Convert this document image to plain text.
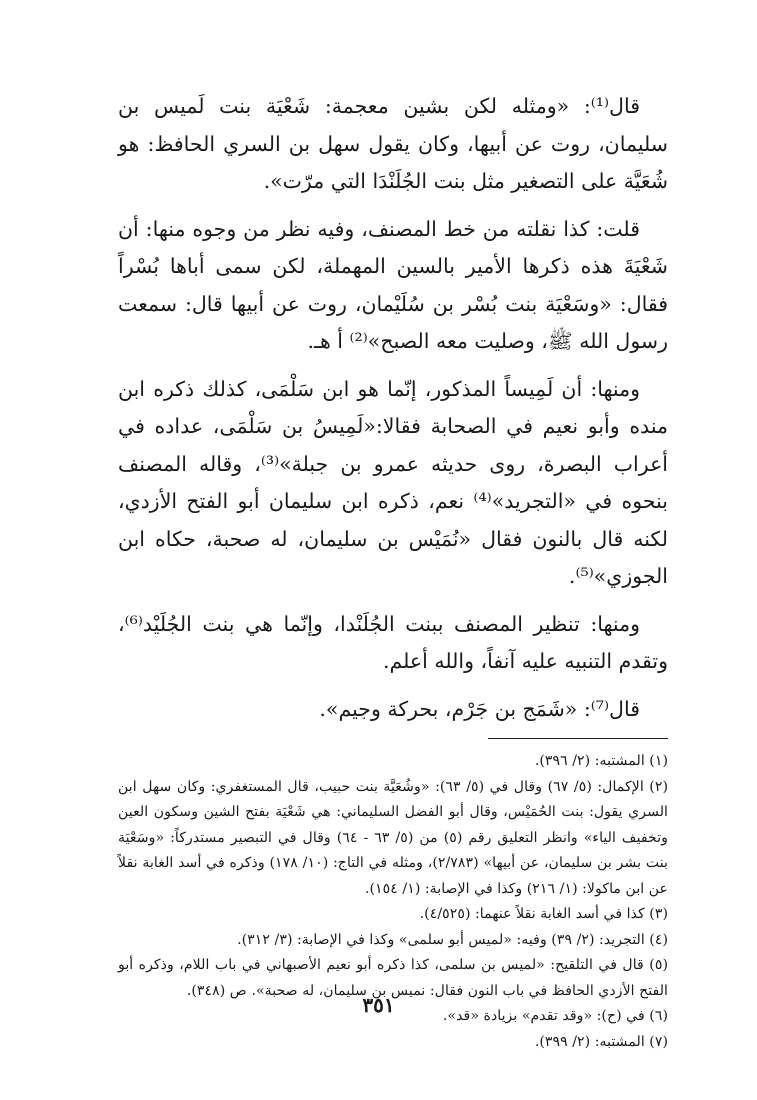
قال⁽¹⁾: «ومثله لكن بشين معجمة: شَعْيَة بنت لَميس بن سليمان، روت عن أبيها، وكان يقول سهل بن السري الحافظ: هو شُعَيَّة على التصغير مثل بنت الجُلَنْدَا التي مرّت».

قلت: كذا نقلته من خط المصنف، وفيه نظر من وجوه منها: أن شَعْيَةَ هذه ذكرها الأمير بالسين المهملة، لكن سمى أباها بُسْراً فقال: «وسَعْيَة بنت بُسْر بن سُلَيْمان، روت عن أبيها قال: سمعت رسول الله ﷺ، وصليت معه الصبح»⁽²⁾ أ هـ.

ومنها: أن لَمِيساً المذكور، إنّما هو ابن سَلْمَى، كذلك ذكره ابن منده وأبو نعيم في الصحابة فقالا:«لَمِيسُ بن سَلْمَى، عداده في أعراب البصرة، روى حديثه عمرو بن جبلة»⁽³⁾، وقاله المصنف بنحوه في «التجريد»⁽⁴⁾ نعم، ذكره ابن سليمان أبو الفتح الأزدي، لكنه قال بالنون فقال «نُمَيْس بن سليمان، له صحبة، حكاه ابن الجوزي»⁽⁵⁾.

ومنها: تنظير المصنف ببنت الجُلَنْدا، وإنّما هي بنت الجُلَيْد⁽⁶⁾، وتقدم التنبيه عليه آنفاً، والله أعلم.

قال⁽⁷⁾: «شَمَج بن جَرْم، بحركة وجيم».

(١) المشتبه: (٢/ ٣٩٦).

(٢) الإكمال: (٥/ ٦٧) وقال في (٥/ ٦٣): «وشُعَيَّة بنت حبيب، قال المستغفري: وكان سهل ابن السري يقول: بنت الحُمَيْس، وقال أبو الفضل السليماني: هي شَعْيَة بفتح الشين وسكون العين وتخفيف الياء» وانظر التعليق رقم (٥) من (٥/ ٦٣ - ٦٤) وقال في التبصير مستدركاً: «وسَعْيَة بنت بشر بن سليمان، عن أبيها» (٢/٧٨٣)، ومثله في التاج: (١٠/ ١٧٨) وذكره في أسد الغابة نقلاً عن ابن ماكولا: (١/ ٢١٦) وكذا في الإصابة: (١/ ١٥٤).

(٣) كذا في أسد الغابة نقلاً عنهما: (٤/٥٢٥).

(٤) التجريد: (٢/ ٣٩) وفيه: «لميس أبو سلمى» وكذا في الإصابة: (٣/ ٣١٢).

(٥) قال في التلقيح: «لميس بن سلمى، كذا ذكره أبو نعيم الأصبهاني في باب اللام، وذكره أبو الفتح الأزدي الحافظ في باب النون فقال: نميس بن سليمان، له صحبة». ص (٣٤٨).

(٦) في (ح): «وقد تقدم» بزيادة «قد».

(٧) المشتبه: (٢/ ٣٩٩).

٣٥١
